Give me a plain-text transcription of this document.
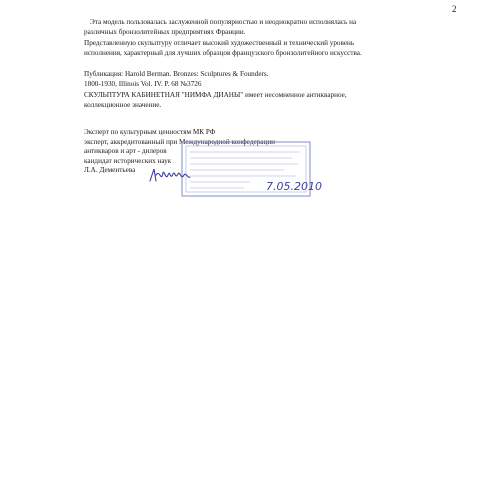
2
Эта модель пользовалась заслуженной популярностью и неоднократно исполнялась на
различных бронзолитейных предприятиях Франции.
Представленную скульптуру отличает высокий художественный и технический уровень
исполнения, характерный для лучших образцов французского бронзолитейного искусства.
Публикация: Harold Berman. Bronzes: Sculptures & Founders.
1800-1930, Illinois Vol. IV. P. 68 №3726
СКУЛЬПТУРА КАБИНЕТНАЯ "НИМФА ДИАНЫ" имеет несомненное антикварное,
коллекционное значение.
Эксперт по культурным ценностям МК РФ
эксперт, аккредитованный при Международной конфедерации
антикваров и арт - дилеров
кандидат исторических наук
Л.А. Дементьева
7.05.2010
